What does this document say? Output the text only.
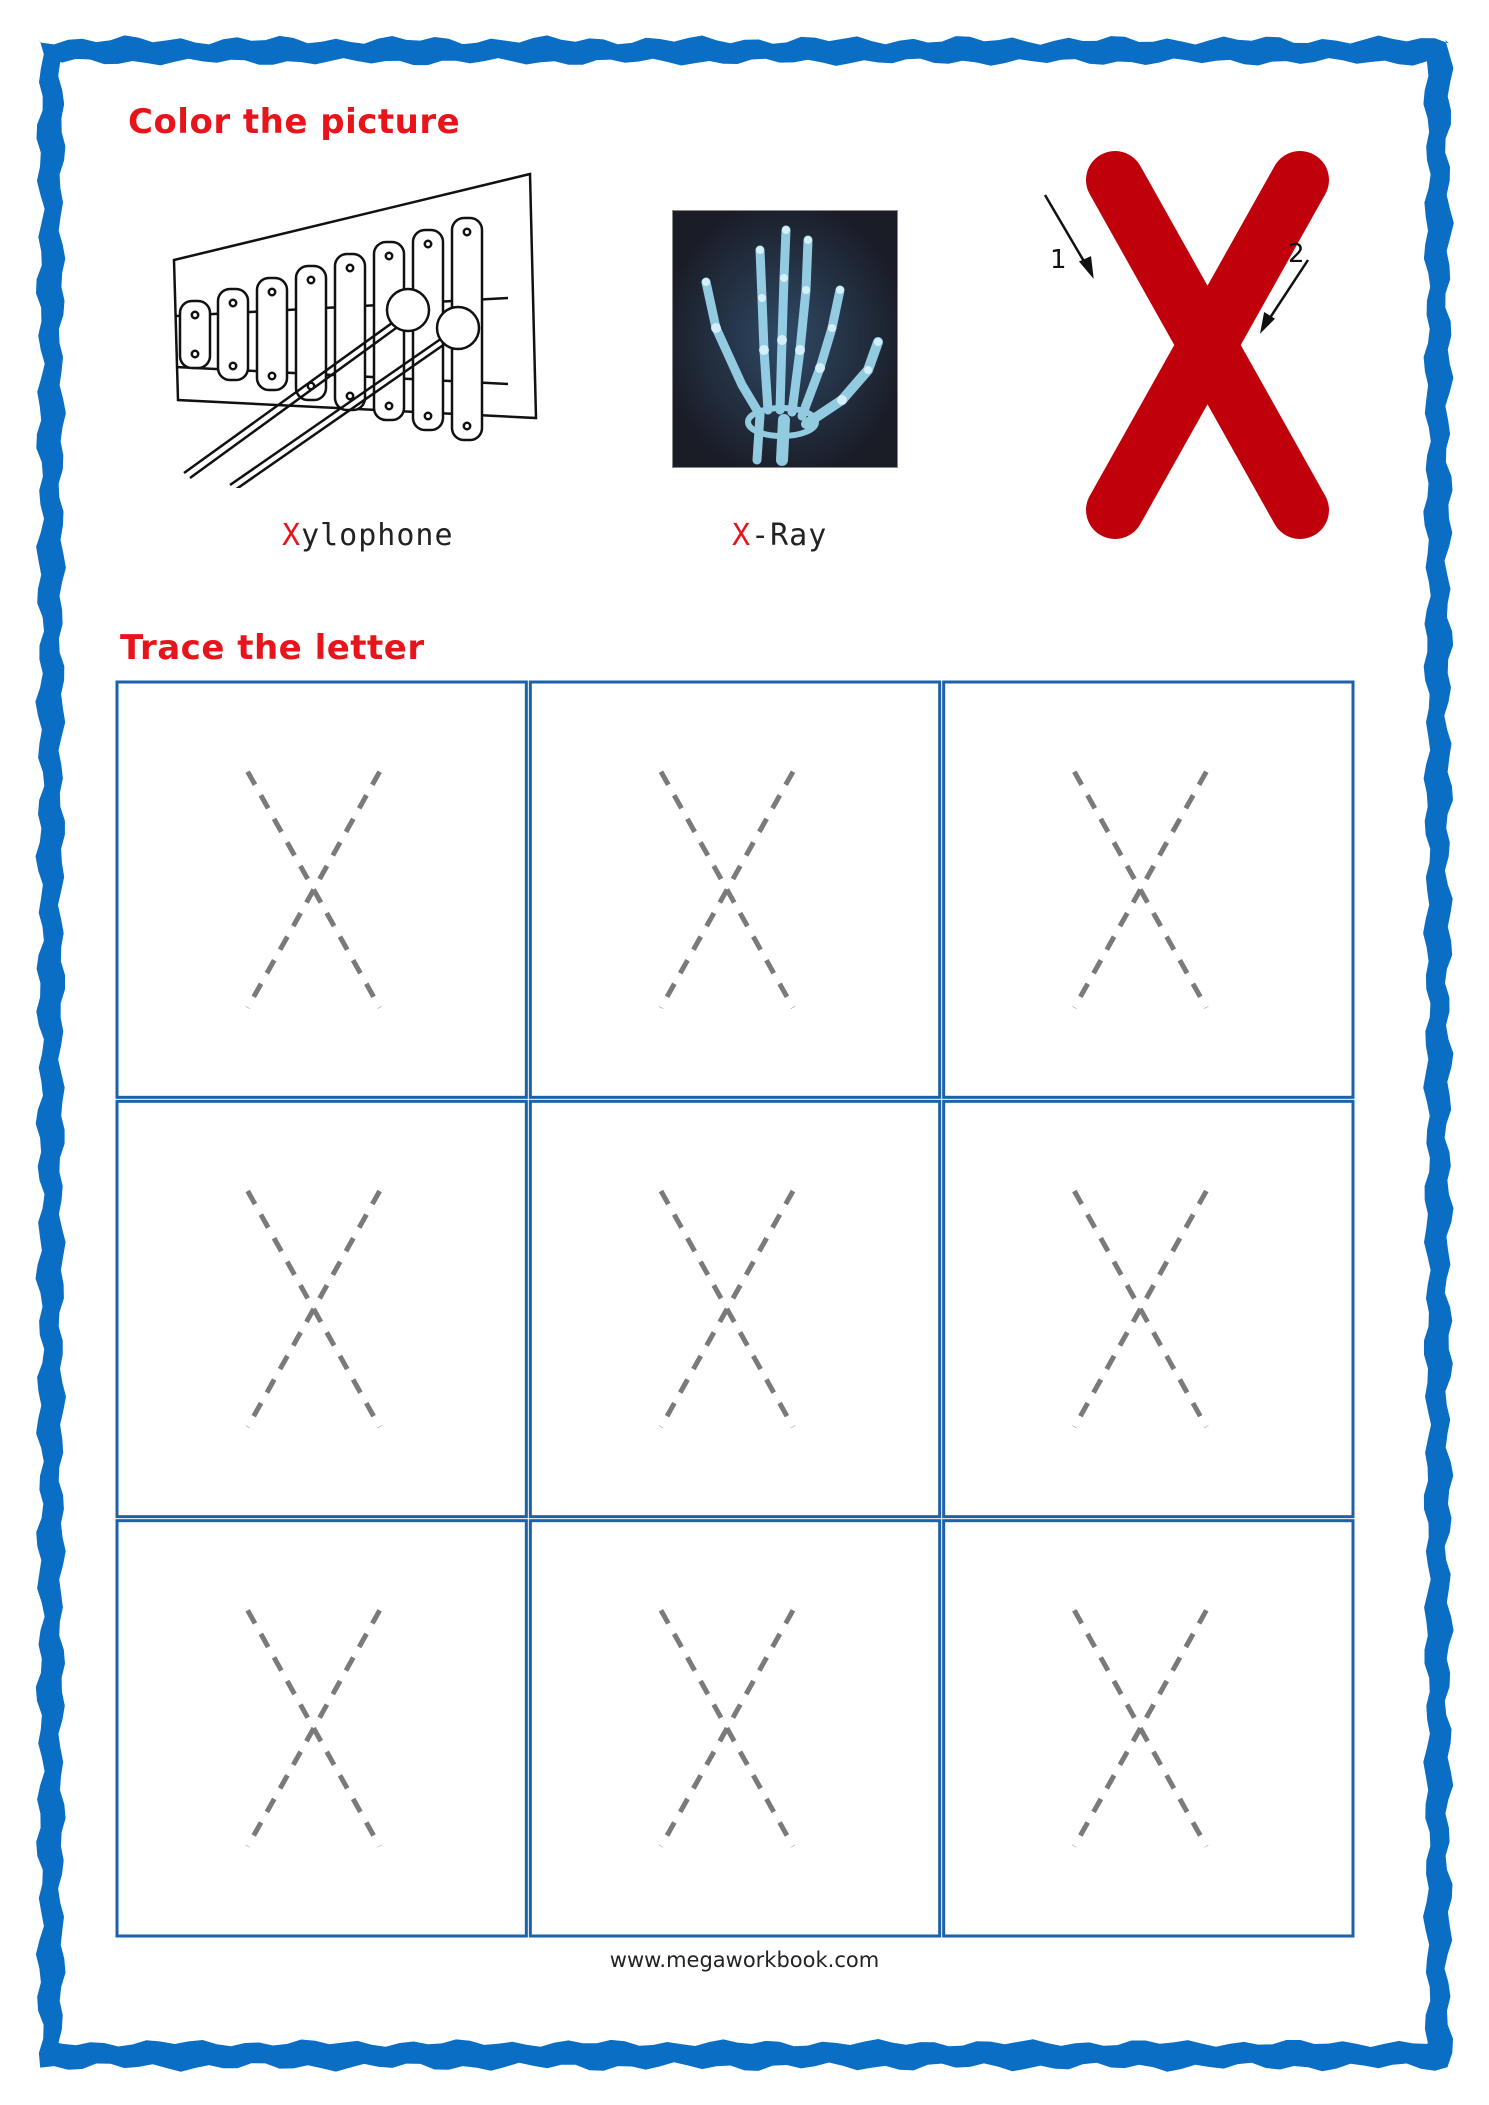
Color the picture
Xylophone	X-Ray
1	2
Trace the letter
www.megaworkbook.com
